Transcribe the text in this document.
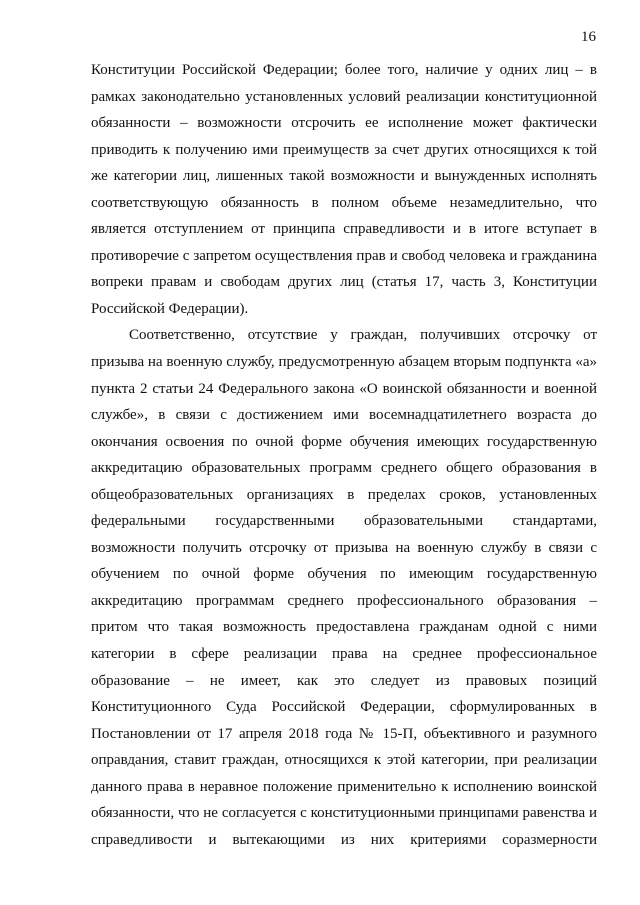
16

Конституции Российской Федерации; более того, наличие у одних лиц – в рамках законодательно установленных условий реализации конституционной обязанности – возможности отсрочить ее исполнение может фактически приводить к получению ими преимуществ за счет других относящихся к той же категории лиц, лишенных такой возможности и вынужденных исполнять соответствующую обязанность в полном объеме незамедлительно, что является отступлением от принципа справедливости и в итоге вступает в противоречие с запретом осуществления прав и свобод человека и гражданина вопреки правам и свободам других лиц (статья 17, часть 3, Конституции Российской Федерации).

Соответственно, отсутствие у граждан, получивших отсрочку от призыва на военную службу, предусмотренную абзацем вторым подпункта «а» пункта 2 статьи 24 Федерального закона «О воинской обязанности и военной службе», в связи с достижением ими восемнадцатилетнего возраста до окончания освоения по очной форме обучения имеющих государственную аккредитацию образовательных программ среднего общего образования в общеобразовательных организациях в пределах сроков, установленных федеральными государственными образовательными стандартами, возможности получить отсрочку от призыва на военную службу в связи с обучением по очной форме обучения по имеющим государственную аккредитацию программам среднего профессионального образования – притом что такая возможность предоставлена гражданам одной с ними категории в сфере реализации права на среднее профессиональное образование – не имеет, как это следует из правовых позиций Конституционного Суда Российской Федерации, сформулированных в Постановлении от 17 апреля 2018 года № 15-П, объективного и разумного оправдания, ставит граждан, относящихся к этой категории, при реализации данного права в неравное положение применительно к исполнению воинской обязанности, что не согласуется с конституционными принципами равенства и справедливости и вытекающими из них критериями соразмерности
